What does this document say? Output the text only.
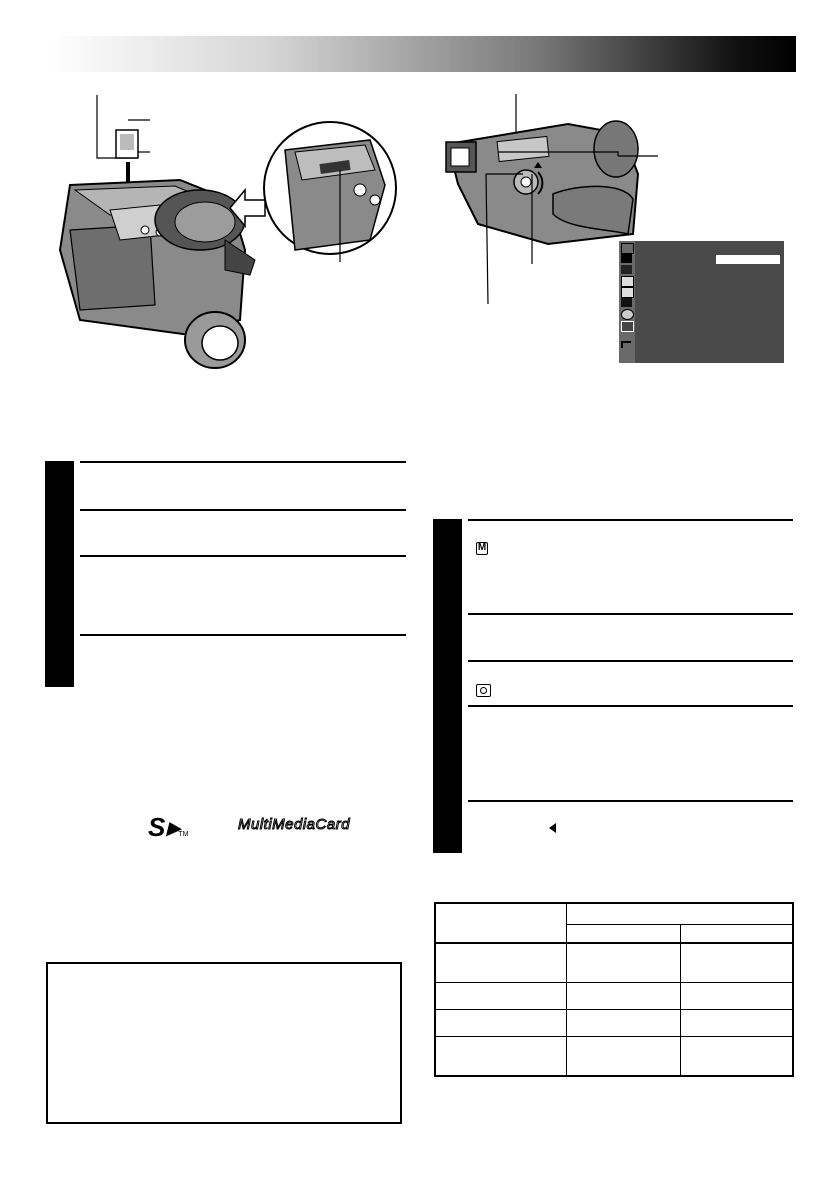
S▸TM
MultiMediaCard
M
